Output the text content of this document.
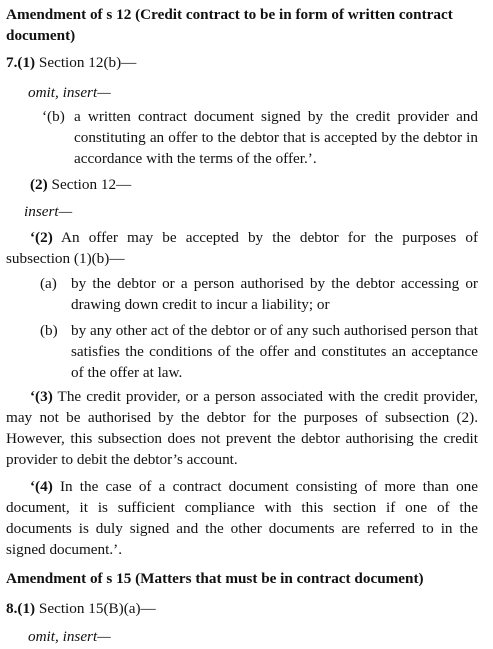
Amendment of s 12 (Credit contract to be in form of written contract document)
7.(1) Section 12(b)—
omit, insert—
‘(b) a written contract document signed by the credit provider and constituting an offer to the debtor that is accepted by the debtor in accordance with the terms of the offer.’.
(2) Section 12—
insert—
‘(2) An offer may be accepted by the debtor for the purposes of subsection (1)(b)—
(a) by the debtor or a person authorised by the debtor accessing or drawing down credit to incur a liability; or
(b) by any other act of the debtor or of any such authorised person that satisfies the conditions of the offer and constitutes an acceptance of the offer at law.
‘(3) The credit provider, or a person associated with the credit provider, may not be authorised by the debtor for the purposes of subsection (2). However, this subsection does not prevent the debtor authorising the credit provider to debit the debtor’s account.
‘(4) In the case of a contract document consisting of more than one document, it is sufficient compliance with this section if one of the documents is duly signed and the other documents are referred to in the signed document.’.
Amendment of s 15 (Matters that must be in contract document)
8.(1) Section 15(B)(a)—
omit, insert—
